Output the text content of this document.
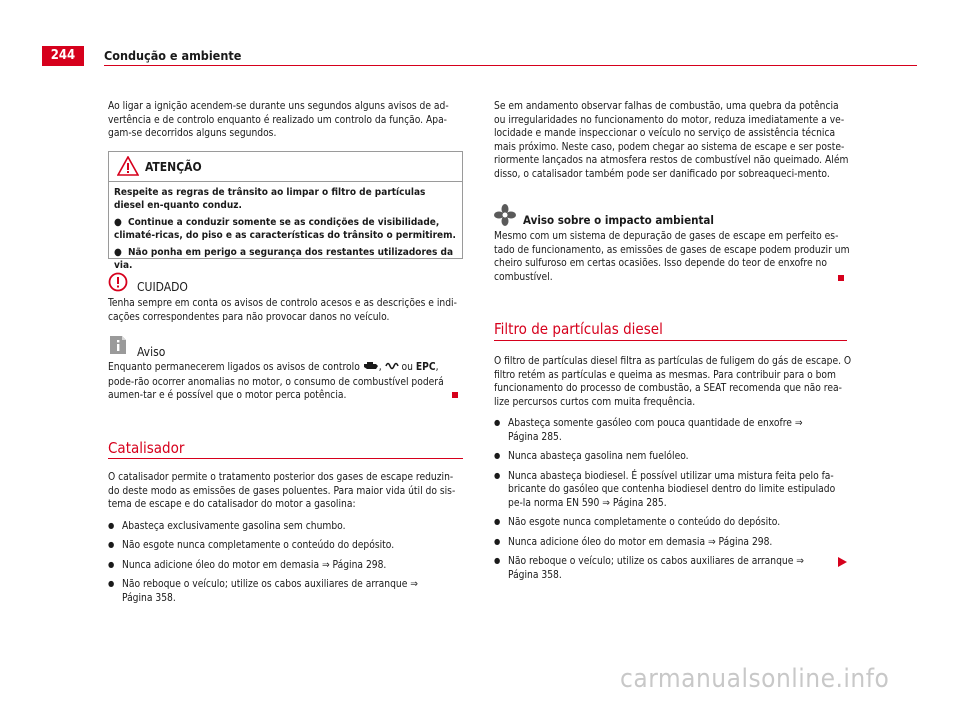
244	Condução e ambiente

Ao ligar a ignição acendem-se durante uns segundos alguns avisos de ad-vertência e de controlo enquanto é realizado um controlo da função. Apa-gam-se decorridos alguns segundos.

ATENÇÃO

Respeite as regras de trânsito ao limpar o filtro de partículas diesel en-quanto conduz.

● Continue a conduzir somente se as condições de visibilidade, climaté-ricas, do piso e as características do trânsito o permitirem.

● Não ponha em perigo a segurança dos restantes utilizadores da via.

CUIDADO

Tenha sempre em conta os avisos de controlo acesos e as descrições e indi-cações correspondentes para não provocar danos no veículo.

Aviso

Enquanto permanecerem ligados os avisos de controlo , ou EPC, pode-rão ocorrer anomalias no motor, o consumo de combustível poderá aumen-tar e é possível que o motor perca potência.

Catalisador

O catalisador permite o tratamento posterior dos gases de escape reduzin-do deste modo as emissões de gases poluentes. Para maior vida útil do sis-tema de escape e do catalisador do motor a gasolina:

● Abasteça exclusivamente gasolina sem chumbo.
● Não esgote nunca completamente o conteúdo do depósito.
● Nunca adicione óleo do motor em demasia ⇒ Página 298.
● Não reboque o veículo; utilize os cabos auxiliares de arranque ⇒ Página 358.

Se em andamento observar falhas de combustão, uma quebra da potência ou irregularidades no funcionamento do motor, reduza imediatamente a ve-locidade e mande inspeccionar o veículo no serviço de assistência técnica mais próximo. Neste caso, podem chegar ao sistema de escape e ser poste-riormente lançados na atmosfera restos de combustível não queimado. Além disso, o catalisador também pode ser danificado por sobreaqueci-mento.

Aviso sobre o impacto ambiental

Mesmo com um sistema de depuração de gases de escape em perfeito es-tado de funcionamento, as emissões de gases de escape podem produzir um cheiro sulfuroso em certas ocasiões. Isso depende do teor de enxofre no combustível.

Filtro de partículas diesel

O filtro de partículas diesel filtra as partículas de fuligem do gás de escape. O filtro retém as partículas e queima as mesmas. Para contribuir para o bom funcionamento do processo de combustão, a SEAT recomenda que não rea-lize percursos curtos com muita frequência.

● Abasteça somente gasóleo com pouca quantidade de enxofre ⇒ Página 285.
● Nunca abasteça gasolina nem fuelóleo.
● Nunca abasteça biodiesel. É possível utilizar uma mistura feita pelo fa-bricante do gasóleo que contenha biodiesel dentro do limite estipulado pe-la norma EN 590 ⇒ Página 285.
● Não esgote nunca completamente o conteúdo do depósito.
● Nunca adicione óleo do motor em demasia ⇒ Página 298.
● Não reboque o veículo; utilize os cabos auxiliares de arranque ⇒ Página 358.
carmanualsonline.info
